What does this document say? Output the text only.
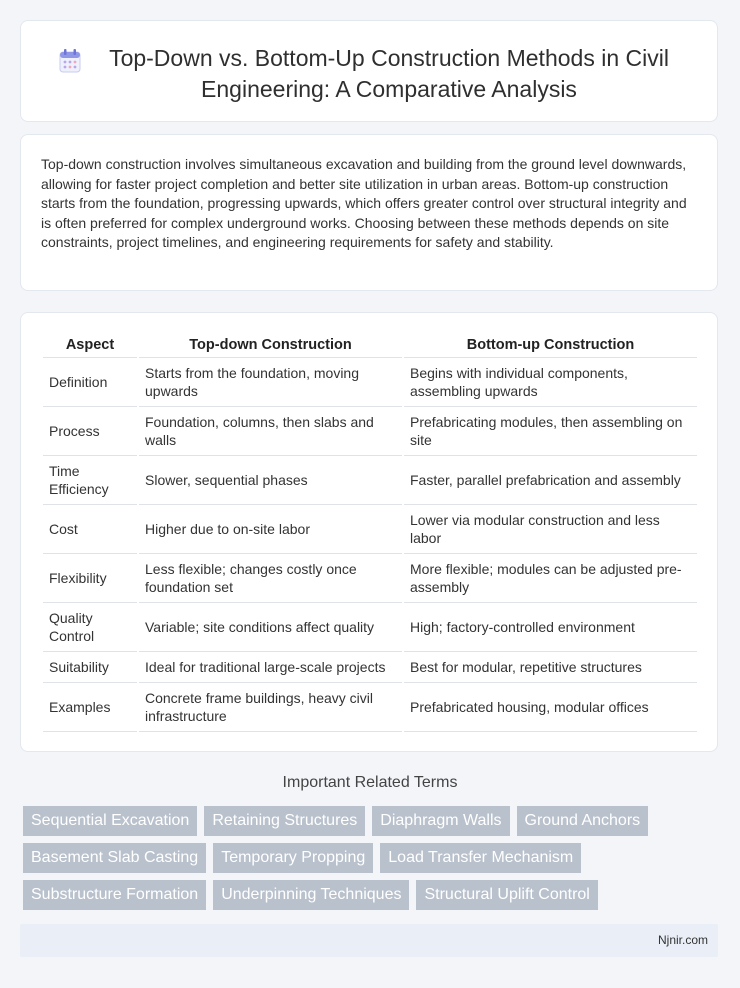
Top-Down vs. Bottom-Up Construction Methods in Civil Engineering: A Comparative Analysis

Top-down construction involves simultaneous excavation and building from the ground level downwards, allowing for faster project completion and better site utilization in urban areas. Bottom-up construction starts from the foundation, progressing upwards, which offers greater control over structural integrity and is often preferred for complex underground works. Choosing between these methods depends on site constraints, project timelines, and engineering requirements for safety and stability.

Aspect	Top-down Construction	Bottom-up Construction
Definition	Starts from the foundation, moving upwards	Begins with individual components, assembling upwards
Process	Foundation, columns, then slabs and walls	Prefabricating modules, then assembling on site
Time Efficiency	Slower, sequential phases	Faster, parallel prefabrication and assembly
Cost	Higher due to on-site labor	Lower via modular construction and less labor
Flexibility	Less flexible; changes costly once foundation set	More flexible; modules can be adjusted pre-assembly
Quality Control	Variable; site conditions affect quality	High; factory-controlled environment
Suitability	Ideal for traditional large-scale projects	Best for modular, repetitive structures
Examples	Concrete frame buildings, heavy civil infrastructure	Prefabricated housing, modular offices
Important Related Terms
Sequential Excavation	Retaining Structures	Diaphragm Walls	Ground Anchors
Basement Slab Casting	Temporary Propping	Load Transfer Mechanism
Substructure Formation	Underpinning Techniques	Structural Uplift Control
Njnir.com
